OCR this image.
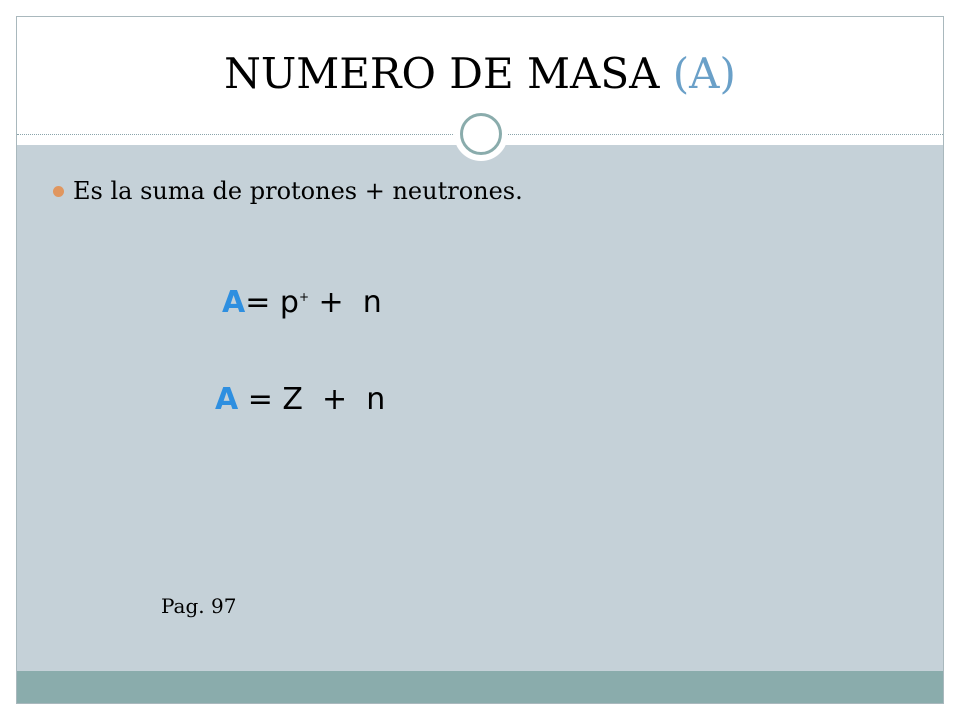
NUMERO DE MASA (A)
Es la suma de protones + neutrones.
A= p+ +  n
A = Z  +  n
Pag. 97
